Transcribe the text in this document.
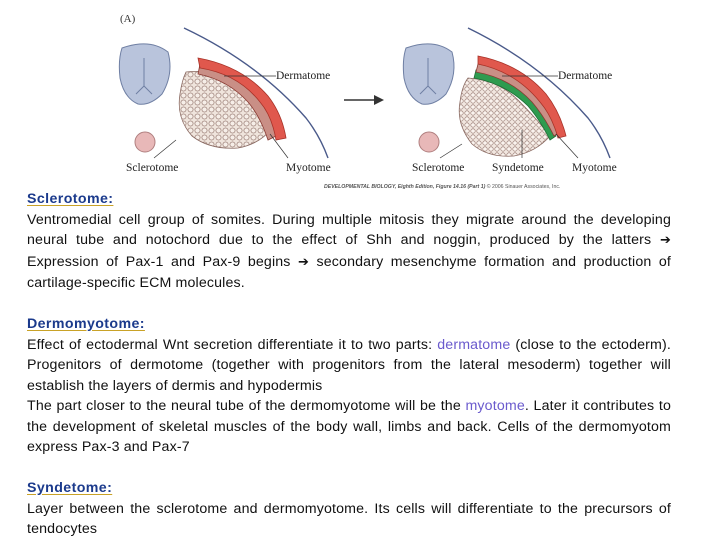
(A)
Dermatome
Sclerotome	Myotome
Dermatome
Sclerotome Syndetome Myotome
DEVELOPMENTAL BIOLOGY, Eighth Edition, Figure 14.16 (Part 1) © 2006 Sinauer Associates, Inc.
Sclerotome:

Ventromedial cell group of somites. During multiple mitosis they migrate around the developing neural tube and notochord due to the effect of Shh and noggin, produced by the latters ➔ Expression of Pax-1 and Pax-9 begins ➔ secondary mesenchyme formation and production of cartilage-specific ECM molecules.

Dermomyotome:

Effect of ectodermal Wnt secretion differentiate it to two parts: dermatome (close to the ectoderm). Progenitors of dermotome (together with progenitors from the lateral mesoderm) together will establish the layers of dermis and hypodermis

The part closer to the neural tube of the dermomyotome will be the myotome. Later it contributes to the development of skeletal muscles of the body wall, limbs and back. Cells of the dermomyotom express Pax-3 and Pax-7

Syndetome:

Layer between the sclerotome and dermomyotome. Its cells will differentiate to the precursors of tendocytes
